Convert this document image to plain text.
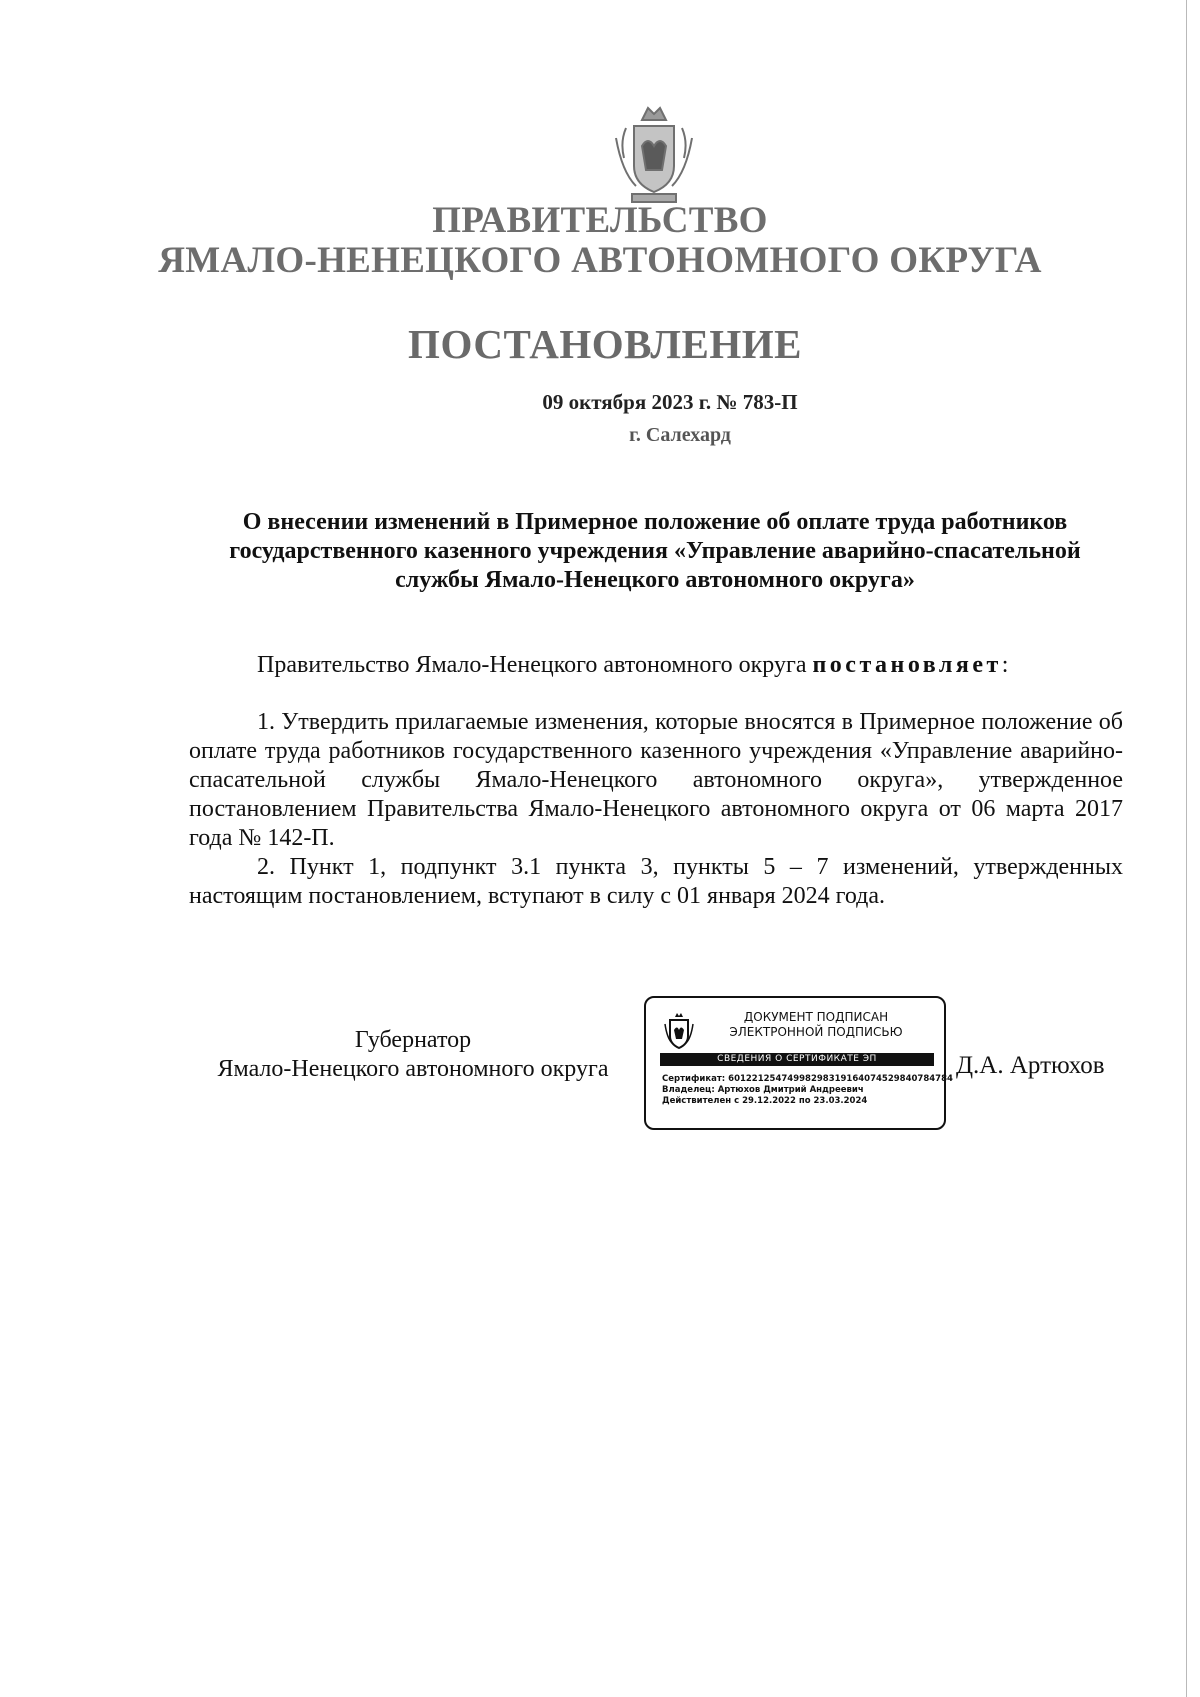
ПРАВИТЕЛЬСТВО
ЯМАЛО-НЕНЕЦКОГО АВТОНОМНОГО ОКРУГА
ПОСТАНОВЛЕНИЕ
09 октября 2023 г. № 783-П
г. Салехард
О внесении изменений в Примерное положение об оплате труда работников государственного казенного учреждения «Управление аварийно-спасательной службы Ямало-Ненецкого автономного округа»
Правительство Ямало-Ненецкого автономного округа постановляет:
1. Утвердить прилагаемые изменения, которые вносятся в Примерное положение об оплате труда работников государственного казенного учреждения «Управление аварийно-спасательной службы Ямало-Ненецкого автономного округа», утвержденное постановлением Правительства Ямало-Ненецкого автономного округа от 06 марта 2017 года № 142-П.
2. Пункт 1, подпункт 3.1 пункта 3, пункты 5 – 7 изменений, утвержденных настоящим постановлением, вступают в силу с 01 января 2024 года.
Губернатор
Ямало-Ненецкого автономного округа
ДОКУМЕНТ ПОДПИСАН
ЭЛЕКТРОННОЙ ПОДПИСЬЮ
СВЕДЕНИЯ О СЕРТИФИКАТЕ ЭП
Сертификат: 60122125474998298319164074529840784784
Владелец: Артюхов Дмитрий Андреевич
Действителен с 29.12.2022 по 23.03.2024
Д.А. Артюхов
